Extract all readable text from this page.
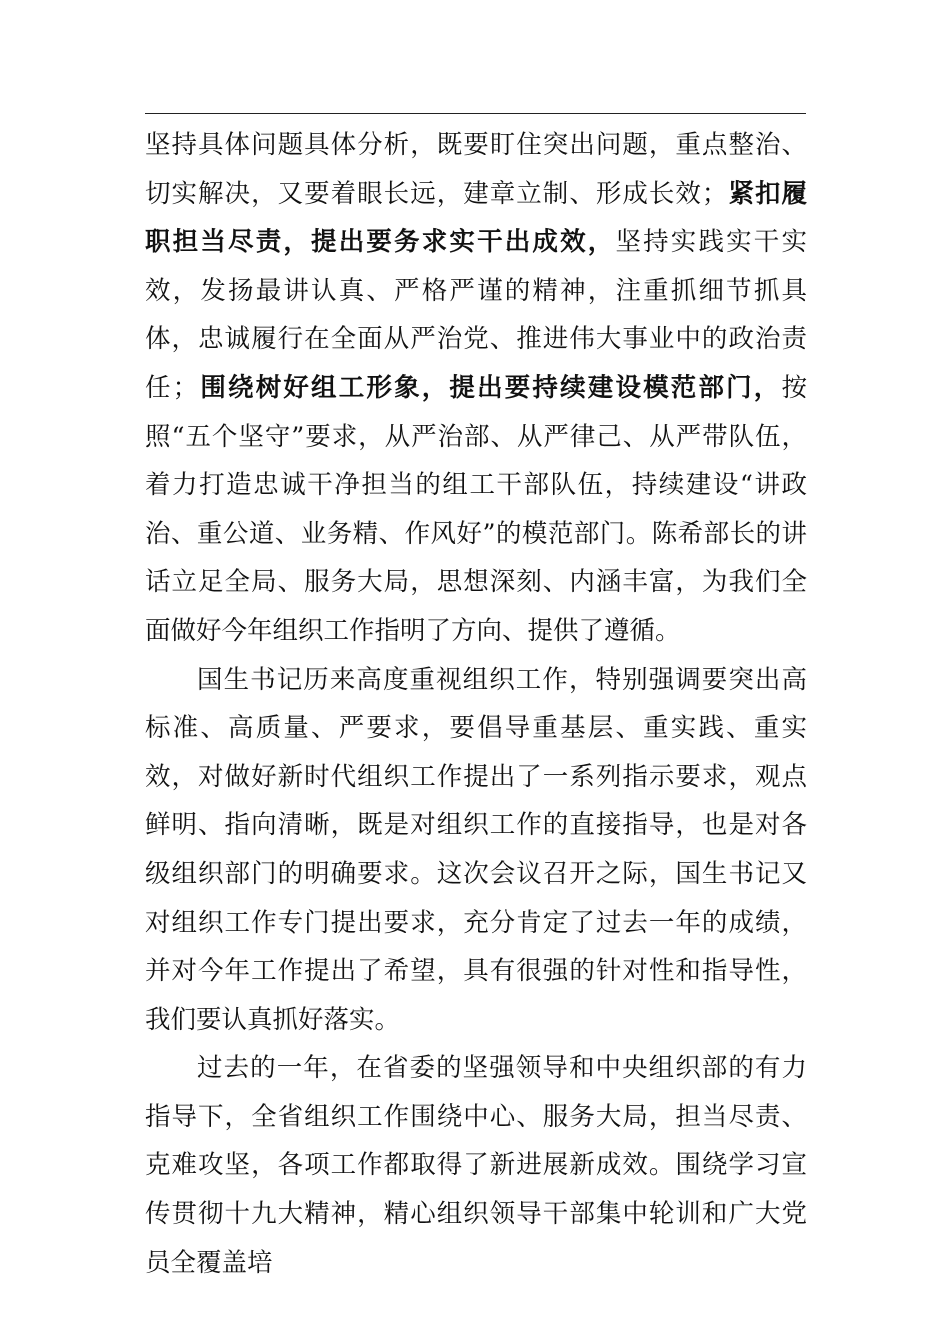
坚持具体问题具体分析，既要盯住突出问题，重点整治、切实解决，又要着眼长远，建章立制、形成长效；紧扣履职担当尽责，提出要务求实干出成效，坚持实践实干实效，发扬最讲认真、严格严谨的精神，注重抓细节抓具体，忠诚履行在全面从严治党、推进伟大事业中的政治责任；围绕树好组工形象，提出要持续建设模范部门，按照“五个坚守”要求，从严治部、从严律己、从严带队伍，着力打造忠诚干净担当的组工干部队伍，持续建设“讲政治、重公道、业务精、作风好”的模范部门。陈希部长的讲话立足全局、服务大局，思想深刻、内涵丰富，为我们全面做好今年组织工作指明了方向、提供了遵循。

国生书记历来高度重视组织工作，特别强调要突出高标准、高质量、严要求，要倡导重基层、重实践、重实效，对做好新时代组织工作提出了一系列指示要求，观点鲜明、指向清晰，既是对组织工作的直接指导，也是对各级组织部门的明确要求。这次会议召开之际，国生书记又对组织工作专门提出要求，充分肯定了过去一年的成绩，并对今年工作提出了希望，具有很强的针对性和指导性，我们要认真抓好落实。

过去的一年，在省委的坚强领导和中央组织部的有力指导下，全省组织工作围绕中心、服务大局，担当尽责、克难攻坚，各项工作都取得了新进展新成效。围绕学习宣传贯彻十九大精神，精心组织领导干部集中轮训和广大党员全覆盖培
